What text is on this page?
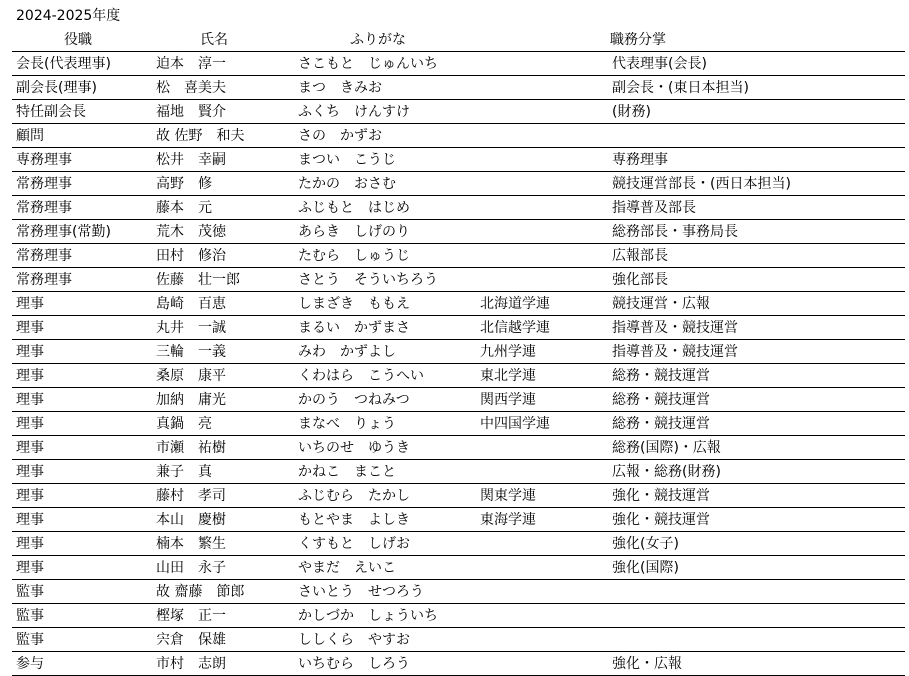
2024-2025年度
役職	氏名	ふりがな		職務分掌
会長(代表理事)	迫本　淳一	さこもと　じゅんいち		代表理事(会長)
副会長(理事)	松　喜美夫	まつ　きみお		副会長・(東日本担当)
特任副会長	福地　賢介	ふくち　けんすけ		(財務)
顧問	故 佐野　和夫	さの　かずお		
専務理事	松井　幸嗣	まつい　こうじ		専務理事
常務理事	高野　修	たかの　おさむ		競技運営部長・(西日本担当)
常務理事	藤本　元	ふじもと　はじめ		指導普及部長
常務理事(常勤)	荒木　茂徳	あらき　しげのり		総務部長・事務局長
常務理事	田村　修治	たむら　しゅうじ		広報部長
常務理事	佐藤　壮一郎	さとう　そういちろう		強化部長
理事	島崎　百恵	しまざき　ももえ	北海道学連	競技運営・広報
理事	丸井　一誠	まるい　かずまさ	北信越学連	指導普及・競技運営
理事	三輪　一義	みわ　かずよし	九州学連	指導普及・競技運営
理事	桑原　康平	くわはら　こうへい	東北学連	総務・競技運営
理事	加納　庸光	かのう　つねみつ	関西学連	総務・競技運営
理事	真鍋　亮	まなべ　りょう	中四国学連	総務・競技運営
理事	市瀬　祐樹	いちのせ　ゆうき		総務(国際)・広報
理事	兼子　真	かねこ　まこと		広報・総務(財務)
理事	藤村　孝司	ふじむら　たかし	関東学連	強化・競技運営
理事	本山　慶樹	もとやま　よしき	東海学連	強化・競技運営
理事	楠本　繁生	くすもと　しげお		強化(女子)
理事	山田　永子	やまだ　えいこ		強化(国際)
監事	故 齋藤　節郎	さいとう　せつろう		
監事	樫塚　正一	かしづか　しょういち		
監事	宍倉　保雄	ししくら　やすお		
参与	市村　志朗	いちむら　しろう		強化・広報
